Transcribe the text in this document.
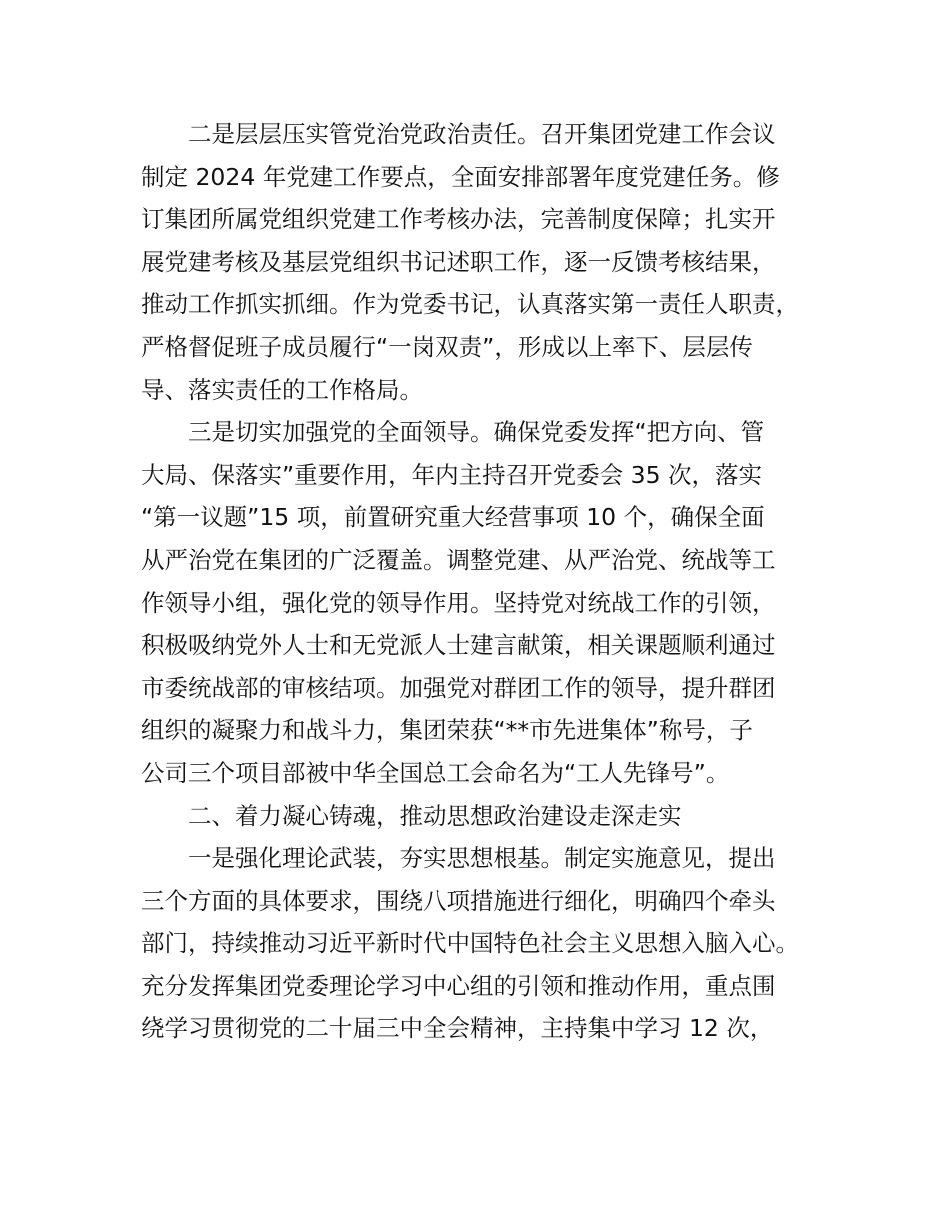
二是层层压实管党治党政治责任。召开集团党建工作会议
制定 2024 年党建工作要点，全面安排部署年度党建任务。修
订集团所属党组织党建工作考核办法，完善制度保障；扎实开
展党建考核及基层党组织书记述职工作，逐一反馈考核结果，
推动工作抓实抓细。作为党委书记，认真落实第一责任人职责，
严格督促班子成员履行“一岗双责”，形成以上率下、层层传
导、落实责任的工作格局。

三是切实加强党的全面领导。确保党委发挥“把方向、管
大局、保落实”重要作用，年内主持召开党委会 35 次，落实
“第一议题”15 项，前置研究重大经营事项 10 个，确保全面
从严治党在集团的广泛覆盖。调整党建、从严治党、统战等工
作领导小组，强化党的领导作用。坚持党对统战工作的引领，
积极吸纳党外人士和无党派人士建言献策，相关课题顺利通过
市委统战部的审核结项。加强党对群团工作的领导，提升群团
组织的凝聚力和战斗力，集团荣获“**市先进集体”称号，子
公司三个项目部被中华全国总工会命名为“工人先锋号”。

二、着力凝心铸魂，推动思想政治建设走深走实

一是强化理论武装，夯实思想根基。制定实施意见，提出
三个方面的具体要求，围绕八项措施进行细化，明确四个牵头
部门，持续推动习近平新时代中国特色社会主义思想入脑入心。
充分发挥集团党委理论学习中心组的引领和推动作用，重点围
绕学习贯彻党的二十届三中全会精神，主持集中学习 12 次，
